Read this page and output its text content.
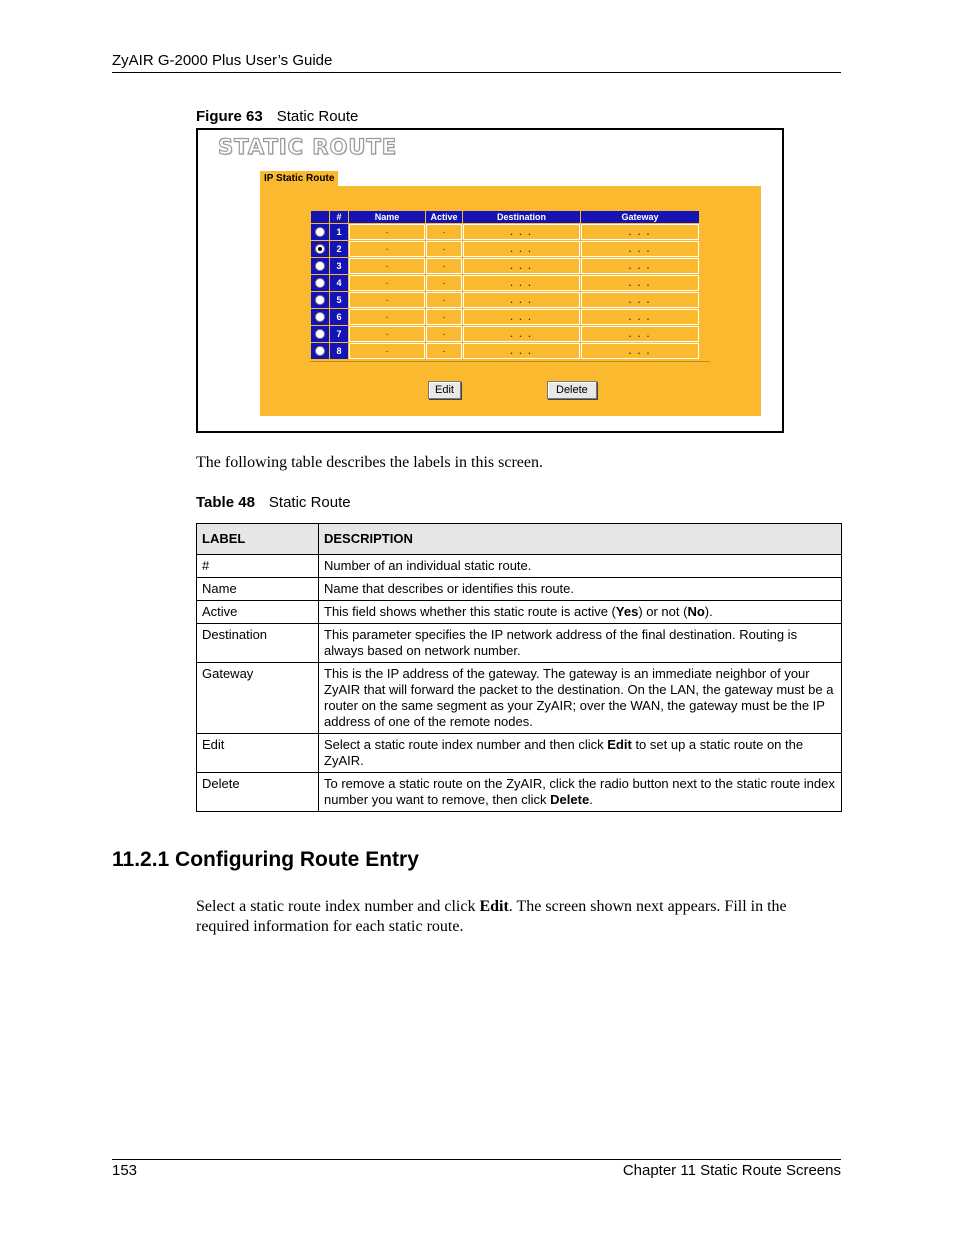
ZyAIR G-2000 Plus User’s Guide
Figure 63 Static Route
STATIC ROUTE
IP Static Route
	#	Name	Active	Destination	Gateway
	1	-	-	. . .	. . .
	2	-	-	. . .	. . .
	3	-	-	. . .	. . .
	4	-	-	. . .	. . .
	5	-	-	. . .	. . .
	6	-	-	. . .	. . .
	7	-	-	. . .	. . .
	8	-	-	. . .	. . .
Edit	Delete
The following table describes the labels in this screen.
Table 48 Static Route
LABEL	DESCRIPTION
#	Number of an individual static route.
Name	Name that describes or identifies this route.
Active	This field shows whether this static route is active (Yes) or not (No).
Destination	This parameter specifies the IP network address of the final destination. Routing is always based on network number.
Gateway	This is the IP address of the gateway. The gateway is an immediate neighbor of your ZyAIR that will forward the packet to the destination. On the LAN, the gateway must be a router on the same segment as your ZyAIR; over the WAN, the gateway must be the IP address of one of the remote nodes.
Edit	Select a static route index number and then click Edit to set up a static route on the ZyAIR.
Delete	To remove a static route on the ZyAIR, click the radio button next to the static route index number you want to remove, then click Delete.
11.2.1 Configuring Route Entry
Select a static route index number and click Edit. The screen shown next appears. Fill in the required information for each static route.
153	Chapter 11 Static Route Screens
